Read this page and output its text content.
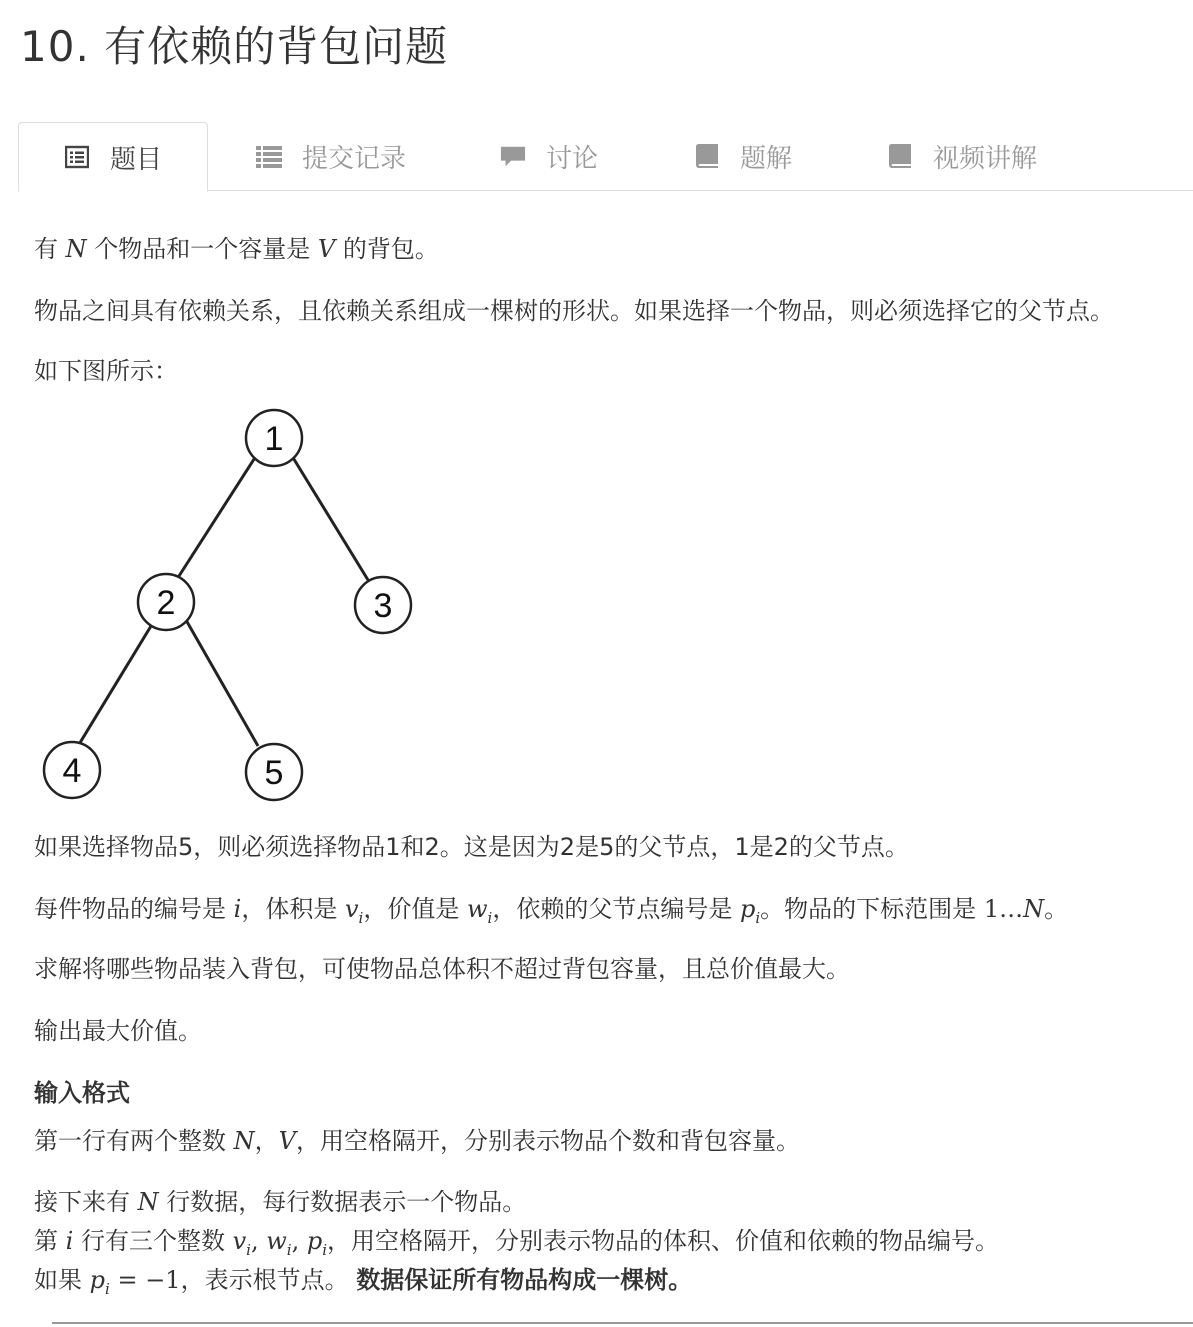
10. 有依赖的背包问题
题目	提交记录	讨论	题解	视频讲解
有 N 个物品和一个容量是 V 的背包。
物品之间具有依赖关系，且依赖关系组成一棵树的形状。如果选择一个物品，则必须选择它的父节点。
如下图所示：
1
2	3
4	5
如果选择物品5，则必须选择物品1和2。这是因为2是5的父节点，1是2的父节点。
每件物品的编号是 i，体积是 $v_i$，价值是 $w_i$，依赖的父节点编号是 $p_i$。物品的下标范围是 1…N。
求解将哪些物品装入背包，可使物品总体积不超过背包容量，且总价值最大。
输出最大价值。
输入格式
第一行有两个整数 N，V，用空格隔开，分别表示物品个数和背包容量。
接下来有 N 行数据，每行数据表示一个物品。
第 i 行有三个整数 $v_i$, $w_i$, $p_i$，用空格隔开，分别表示物品的体积、价值和依赖的物品编号。
如果 $p_i = -1$，表示根节点。 数据保证所有物品构成一棵树。
